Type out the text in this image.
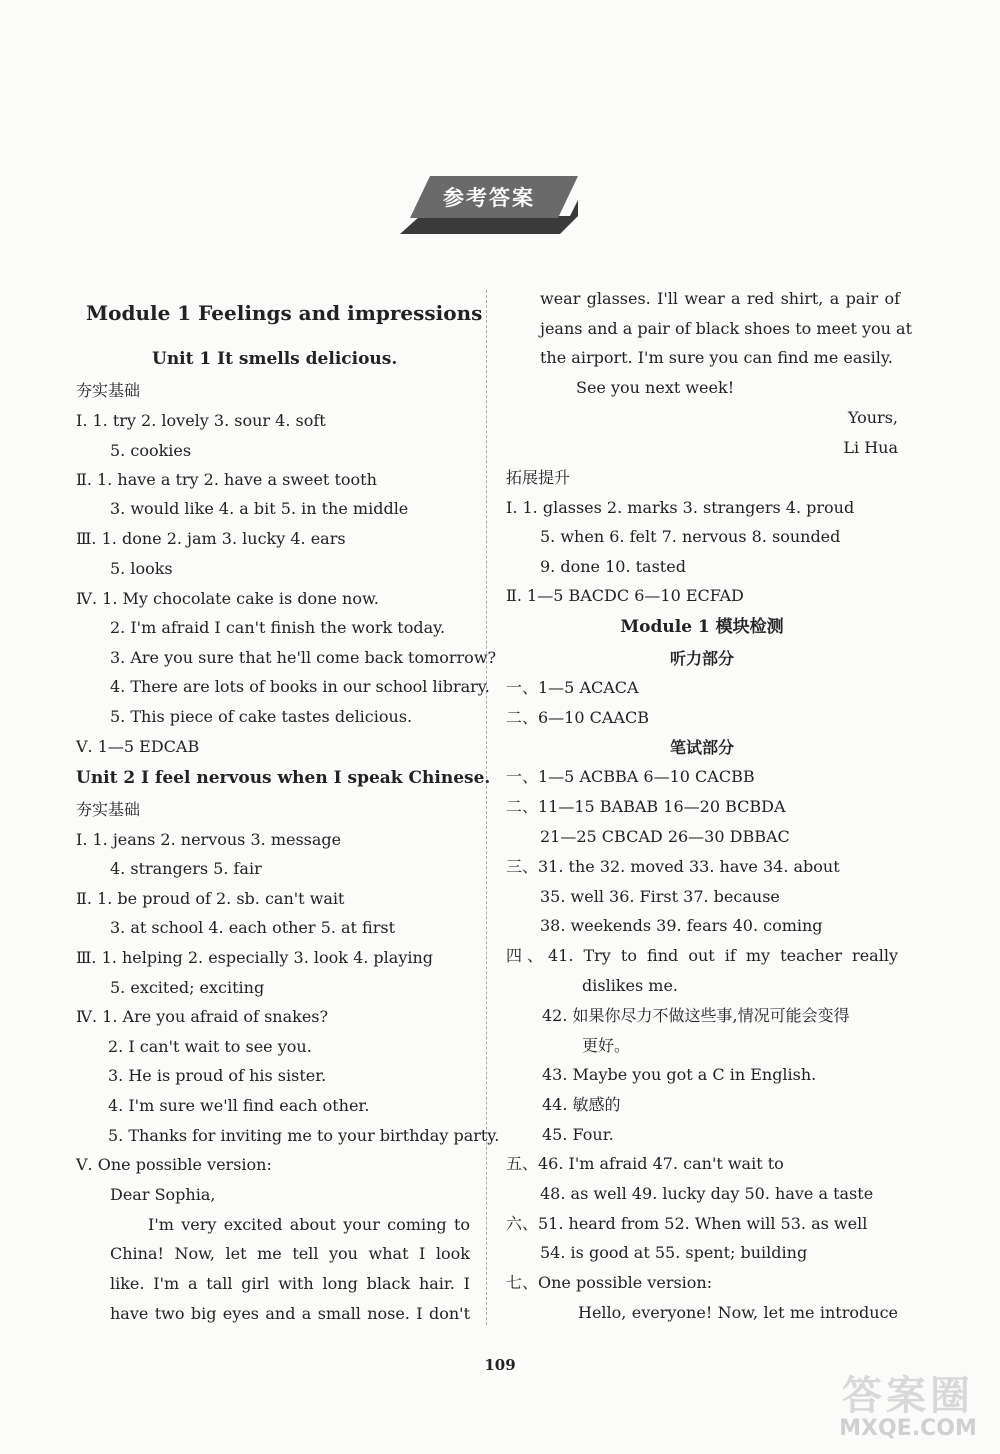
参考答案
Module 1 Feelings and impressions
Unit 1 It smells delicious.
夯实基础
Ⅰ. 1. try 2. lovely 3. sour 4. soft
5. cookies
Ⅱ. 1. have a try 2. have a sweet tooth
3. would like 4. a bit 5. in the middle
Ⅲ. 1. done 2. jam 3. lucky 4. ears
5. looks
Ⅳ. 1. My chocolate cake is done now.
2. I'm afraid I can't finish the work today.
3. Are you sure that he'll come back tomorrow?
4. There are lots of books in our school library.
5. This piece of cake tastes delicious.
Ⅴ. 1—5 EDCAB
Unit 2 I feel nervous when I speak Chinese.
夯实基础
Ⅰ. 1. jeans 2. nervous 3. message
4. strangers 5. fair
Ⅱ. 1. be proud of 2. sb. can't wait
3. at school 4. each other 5. at first
Ⅲ. 1. helping 2. especially 3. look 4. playing
5. excited; exciting
Ⅳ. 1. Are you afraid of snakes?
2. I can't wait to see you.
3. He is proud of his sister.
4. I'm sure we'll find each other.
5. Thanks for inviting me to your birthday party.
Ⅴ. One possible version:
Dear Sophia,
I'm very excited about your coming to
China! Now, let me tell you what I look
like. I'm a tall girl with long black hair. I
have two big eyes and a small nose. I don't
wear glasses. I'll wear a red shirt, a pair of
jeans and a pair of black shoes to meet you at
the airport. I'm sure you can find me easily.
See you next week!
Yours,
Li Hua
拓展提升
Ⅰ. 1. glasses 2. marks 3. strangers 4. proud
5. when 6. felt 7. nervous 8. sounded
9. done 10. tasted
Ⅱ. 1—5 BACDC 6—10 ECFAD
Module 1 模块检测
听力部分
一、1—5 ACACA
二、6—10 CAACB
笔试部分
一、1—5 ACBBA 6—10 CACBB
二、11—15 BABAB 16—20 BCBDA
21—25 CBCAD 26—30 DBBAC
三、31. the 32. moved 33. have 34. about
35. well 36. First 37. because
38. weekends 39. fears 40. coming
四、41. Try to find out if my teacher really
dislikes me.
42. 如果你尽力不做这些事,情况可能会变得
更好。
43. Maybe you got a C in English.
44. 敏感的
45. Four.
五、46. I'm afraid 47. can't wait to
48. as well 49. lucky day 50. have a taste
六、51. heard from 52. When will 53. as well
54. is good at 55. spent; building
七、One possible version:
Hello, everyone! Now, let me introduce
109
答案圈
MXQE.COM
